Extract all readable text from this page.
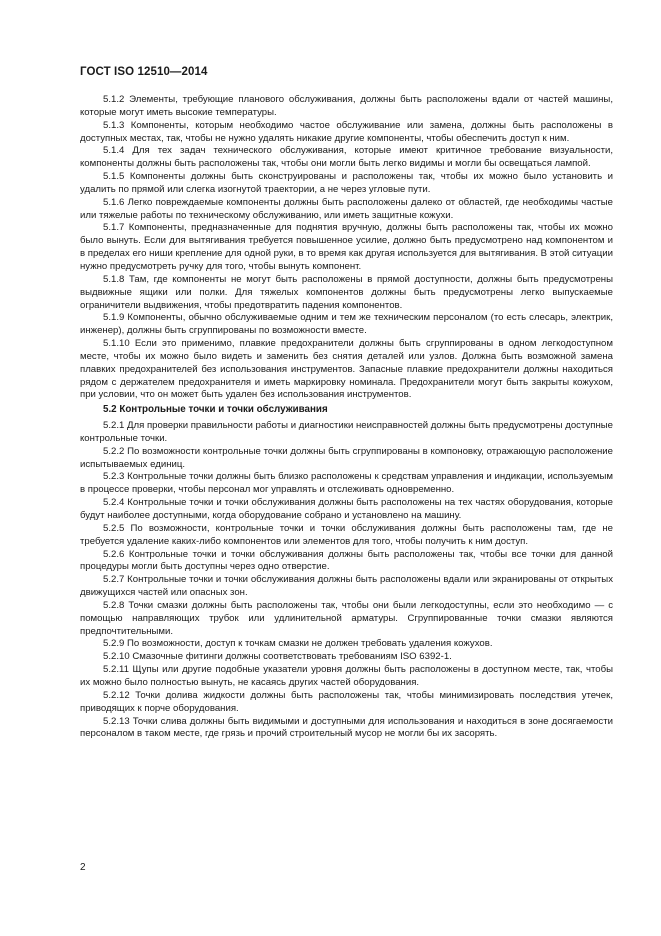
ГОСТ ISO 12510—2014

5.1.2 Элементы, требующие планового обслуживания, должны быть расположены вдали от частей машины, которые могут иметь высокие температуры.

5.1.3 Компоненты, которым необходимо частое обслуживание или замена, должны быть расположены в доступных местах, так, чтобы не нужно удалять никакие другие компоненты, чтобы обеспечить доступ к ним.

5.1.4 Для тех задач технического обслуживания, которые имеют критичное требование визуальности, компоненты должны быть расположены так, чтобы они могли быть легко видимы и могли бы освещаться лампой.

5.1.5 Компоненты должны быть сконструированы и расположены так, чтобы их можно было установить и удалить по прямой или слегка изогнутой траектории, а не через угловые пути.

5.1.6 Легко повреждаемые компоненты должны быть расположены далеко от областей, где необходимы частые или тяжелые работы по техническому обслуживанию, или иметь защитные кожухи.

5.1.7 Компоненты, предназначенные для поднятия вручную, должны быть расположены так, чтобы их можно было вынуть. Если для вытягивания требуется повышенное усилие, должно быть предусмотрено над компонентом и в пределах его ниши крепление для одной руки, в то время как другая используется для вытягивания. В этой ситуации нужно предусмотреть ручку для того, чтобы вынуть компонент.

5.1.8 Там, где компоненты не могут быть расположены в прямой доступности, должны быть предусмотрены выдвижные ящики или полки. Для тяжелых компонентов должны быть предусмотрены легко выпускаемые ограничители выдвижения, чтобы предотвратить падения компонентов.

5.1.9 Компоненты, обычно обслуживаемые одним и тем же техническим персоналом (то есть слесарь, электрик, инженер), должны быть сгруппированы по возможности вместе.

5.1.10 Если это применимо, плавкие предохранители должны быть сгруппированы в одном легкодоступном месте, чтобы их можно было видеть и заменить без снятия деталей или узлов. Должна быть возможной замена плавких предохранителей без использования инструментов. Запасные плавкие предохранители должны находиться рядом с держателем предохранителя и иметь маркировку номинала. Предохранители могут быть закрыты кожухом, при условии, что он может быть удален без использования инструментов.

5.2 Контрольные точки и точки обслуживания

5.2.1 Для проверки правильности работы и диагностики неисправностей должны быть предусмотрены доступные контрольные точки.

5.2.2 По возможности контрольные точки должны быть сгруппированы в компоновку, отражающую расположение испытываемых единиц.

5.2.3 Контрольные точки должны быть близко расположены к средствам управления и индикации, используемым в процессе проверки, чтобы персонал мог управлять и отслеживать одновременно.

5.2.4 Контрольные точки и точки обслуживания должны быть расположены на тех частях оборудования, которые будут наиболее доступными, когда оборудование собрано и установлено на машину.

5.2.5 По возможности, контрольные точки и точки обслуживания должны быть расположены там, где не требуется удаление каких-либо компонентов или элементов для того, чтобы получить к ним доступ.

5.2.6 Контрольные точки и точки обслуживания должны быть расположены так, чтобы все точки для данной процедуры могли быть доступны через одно отверстие.

5.2.7 Контрольные точки и точки обслуживания должны быть расположены вдали или экранированы от открытых движущихся частей или опасных зон.

5.2.8 Точки смазки должны быть расположены так, чтобы они были легкодоступны, если это необходимо — с помощью направляющих трубок или удлинительной арматуры. Сгруппированные точки смазки являются предпочтительными.

5.2.9 По возможности, доступ к точкам смазки не должен требовать удаления кожухов.

5.2.10 Смазочные фитинги должны соответствовать требованиям ISO 6392-1.

5.2.11 Щупы или другие подобные указатели уровня должны быть расположены в доступном месте, так, чтобы их можно было полностью вынуть, не касаясь других частей оборудования.

5.2.12 Точки долива жидкости должны быть расположены так, чтобы минимизировать последствия утечек, приводящих к порче оборудования.

5.2.13 Точки слива должны быть видимыми и доступными для использования и находиться в зоне досягаемости персоналом в таком месте, где грязь и прочий строительный мусор не могли бы их засорять.

2
